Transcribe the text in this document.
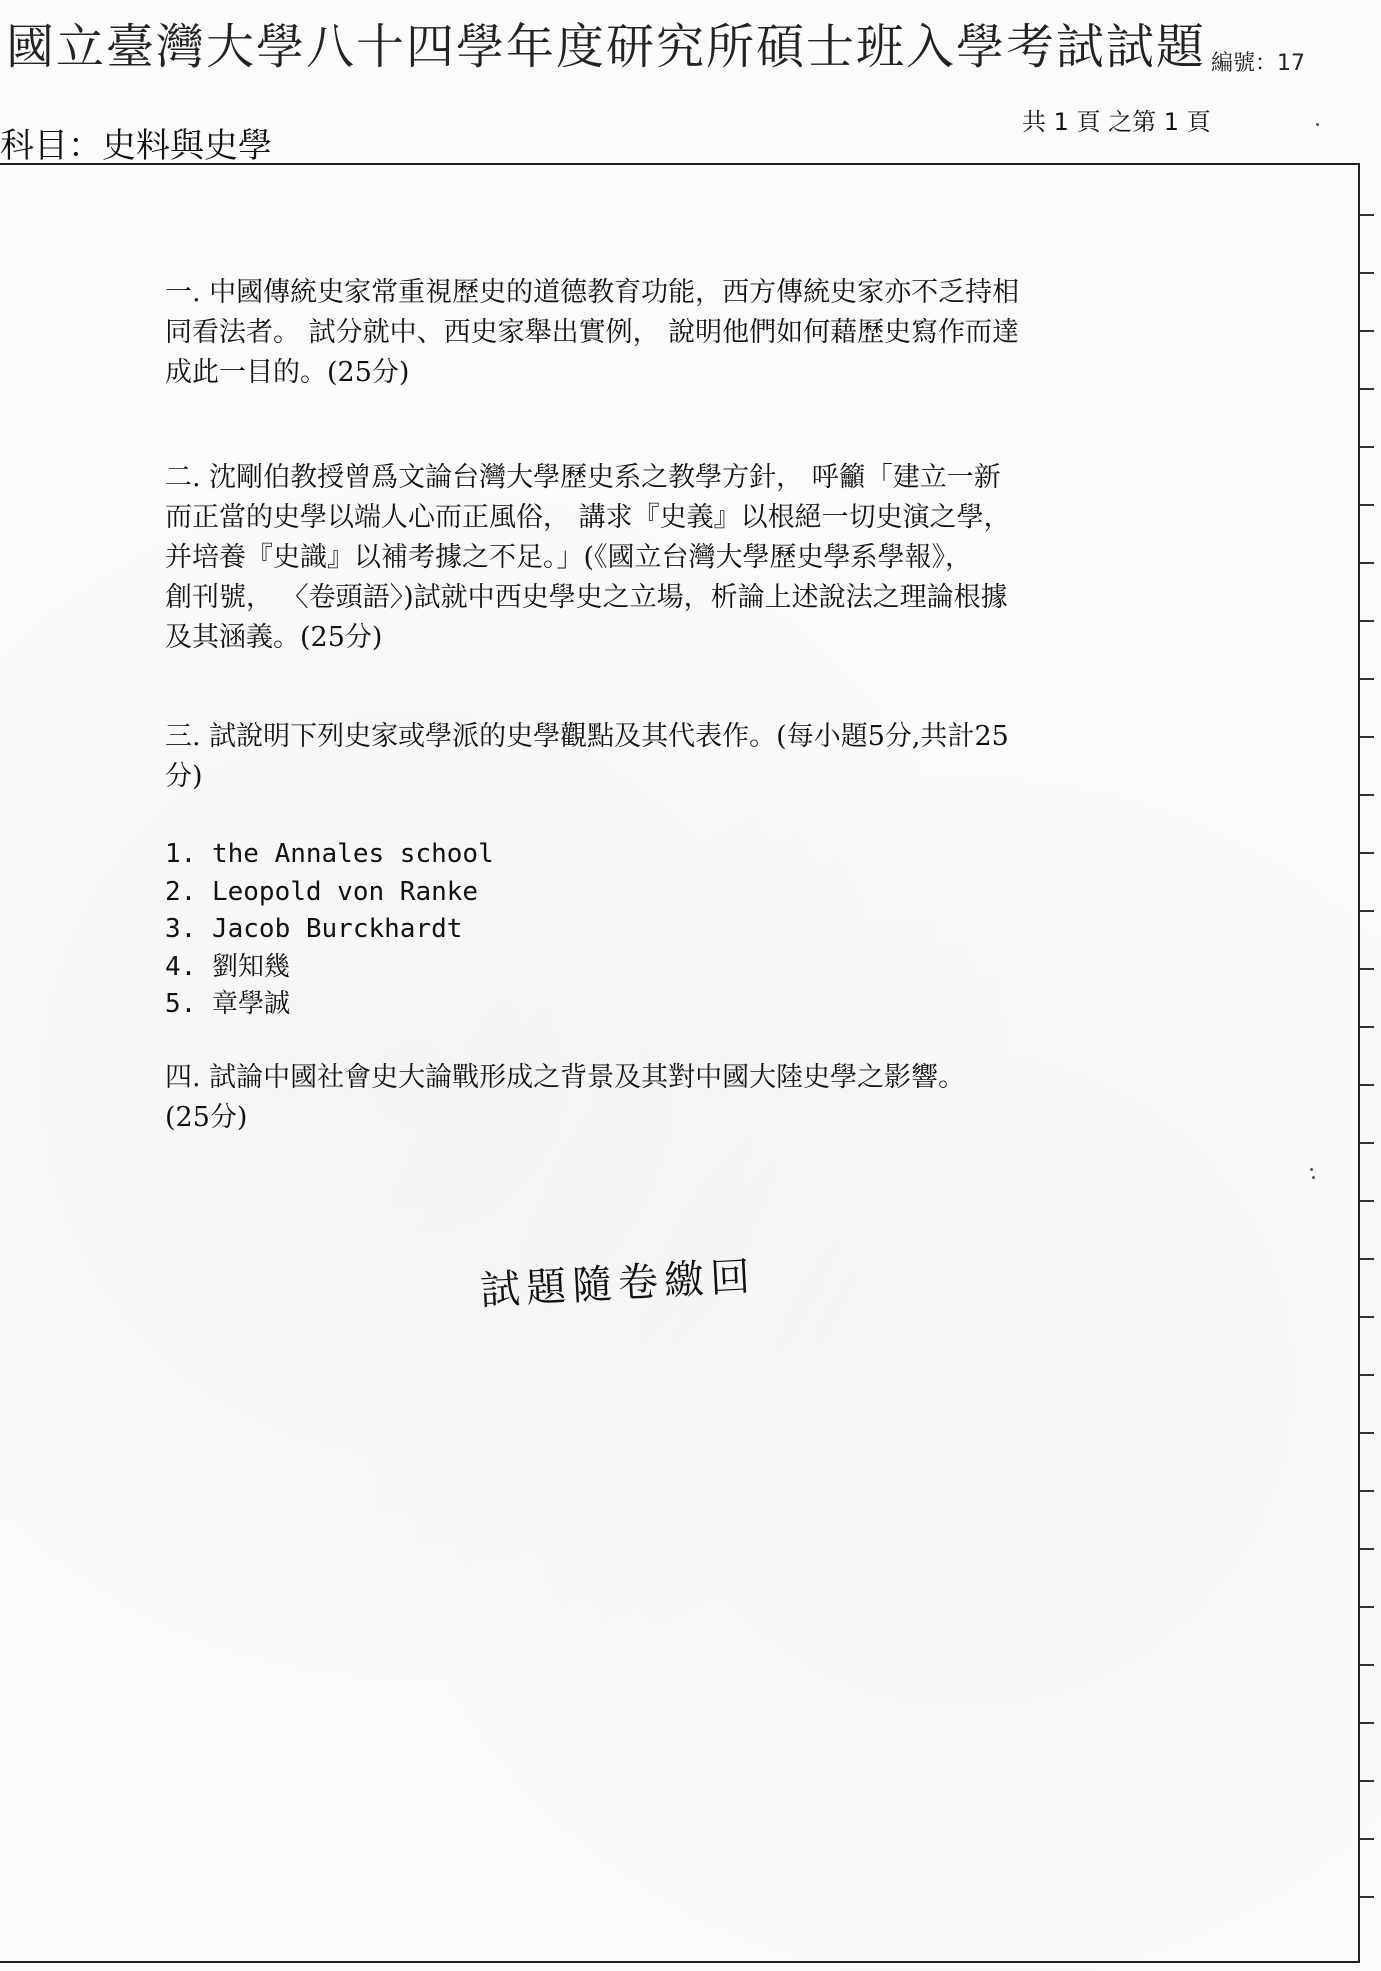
國立臺灣大學八十四學年度研究所碩士班入學考試試題 編號：17
共 1 頁 之第 1 頁
科目：史料與史學

一. 中國傳統史家常重視歷史的道德教育功能，西方傳統史家亦不乏持相

同看法者。 試分就中、西史家舉出實例， 說明他們如何藉歷史寫作而達

成此一目的。(25分)

二. 沈剛伯教授曾爲文論台灣大學歷史系之教學方針， 呼籲「建立一新

而正當的史學以端人心而正風俗， 講求『史義』以根絕一切史演之學，

并培養『史識』以補考據之不足。」(《國立台灣大學歷史學系學報》，

創刊號， 〈卷頭語〉)試就中西史學史之立場，析論上述說法之理論根據

及其涵義。(25分)

三. 試說明下列史家或學派的史學觀點及其代表作。(每小題5分,共計25

分)

1. the Annales school
2. Leopold von Ranke
3. Jacob Burckhardt
4. 劉知幾
5. 章學誠

四. 試論中國社會史大論戰形成之背景及其對中國大陸史學之影響。

(25分)

試題隨卷繳回
